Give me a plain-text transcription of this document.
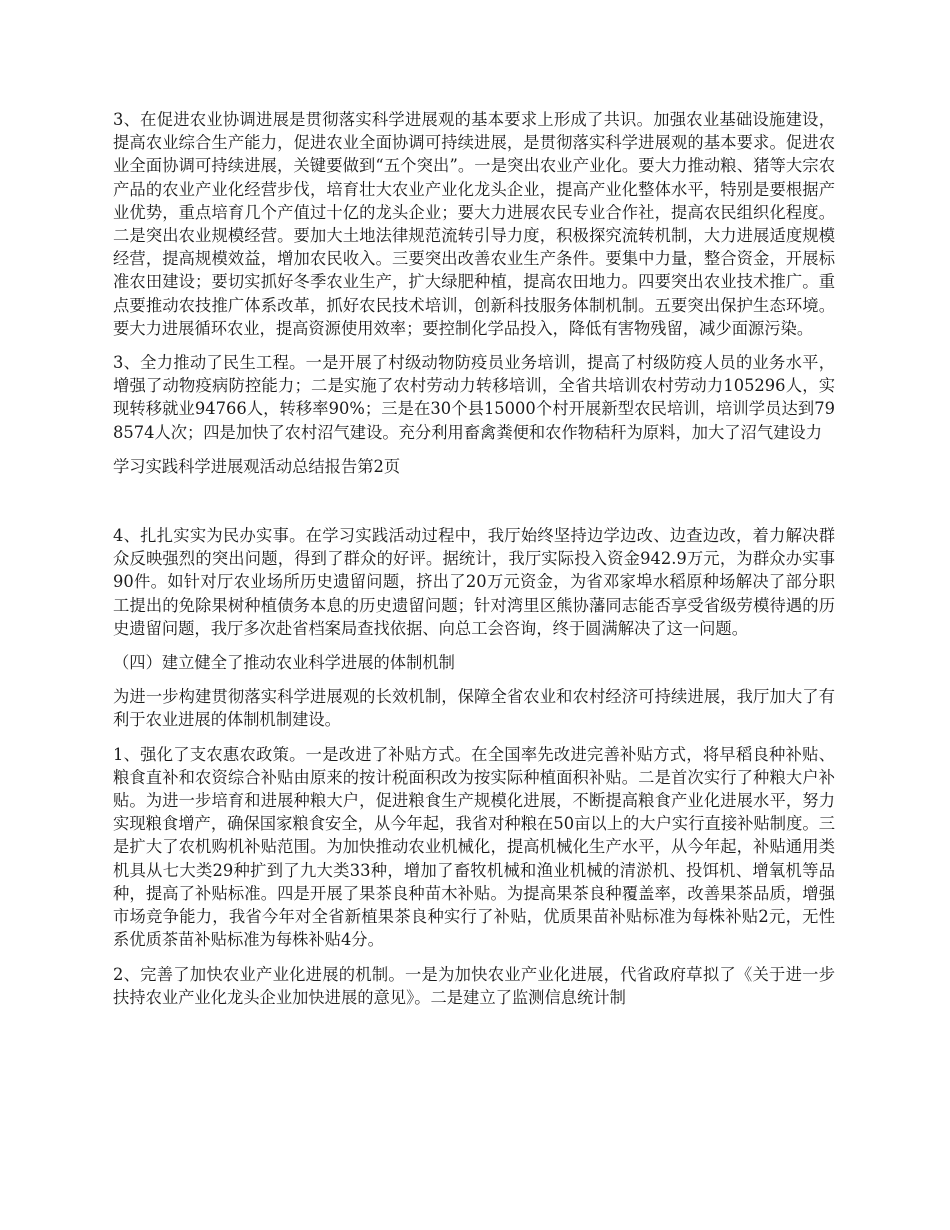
3、在促进农业协调进展是贯彻落实科学进展观的基本要求上形成了共识。加强农业基础设施建设，提高农业综合生产能力，促进农业全面协调可持续进展，是贯彻落实科学进展观的基本要求。促进农业全面协调可持续进展，关键要做到“五个突出”。一是突出农业产业化。要大力推动粮、猪等大宗农产品的农业产业化经营步伐，培育壮大农业产业化龙头企业，提高产业化整体水平，特别是要根据产业优势，重点培育几个产值过十亿的龙头企业；要大力进展农民专业合作社，提高农民组织化程度。二是突出农业规模经营。要加大土地法律规范流转引导力度，积极探究流转机制，大力进展适度规模经营，提高规模效益，增加农民收入。三要突出改善农业生产条件。要集中力量，整合资金，开展标准农田建设；要切实抓好冬季农业生产，扩大绿肥种植，提高农田地力。四要突出农业技术推广。重点要推动农技推广体系改革，抓好农民技术培训，创新科技服务体制机制。五要突出保护生态环境。要大力进展循环农业，提高资源使用效率；要控制化学品投入，降低有害物残留，减少面源污染。

3、全力推动了民生工程。一是开展了村级动物防疫员业务培训，提高了村级防疫人员的业务水平，增强了动物疫病防控能力；二是实施了农村劳动力转移培训，全省共培训农村劳动力105296人，实现转移就业94766人，转移率90%；三是在30个县15000个村开展新型农民培训，培训学员达到798574人次；四是加快了农村沼气建设。充分利用畜禽粪便和农作物秸秆为原料，加大了沼气建设力

学习实践科学进展观活动总结报告第2页

4、扎扎实实为民办实事。在学习实践活动过程中，我厅始终坚持边学边改、边查边改，着力解决群众反映强烈的突出问题，得到了群众的好评。据统计，我厅实际投入资金942.9万元，为群众办实事90件。如针对厅农业场所历史遗留问题，挤出了20万元资金，为省邓家埠水稻原种场解决了部分职工提出的免除果树种植债务本息的历史遗留问题；针对湾里区熊协藩同志能否享受省级劳模待遇的历史遗留问题，我厅多次赴省档案局查找依据、向总工会咨询，终于圆满解决了这一问题。

（四）建立健全了推动农业科学进展的体制机制

为进一步构建贯彻落实科学进展观的长效机制，保障全省农业和农村经济可持续进展，我厅加大了有利于农业进展的体制机制建设。

1、强化了支农惠农政策。一是改进了补贴方式。在全国率先改进完善补贴方式，将早稻良种补贴、粮食直补和农资综合补贴由原来的按计税面积改为按实际种植面积补贴。二是首次实行了种粮大户补贴。为进一步培育和进展种粮大户，促进粮食生产规模化进展，不断提高粮食产业化进展水平，努力实现粮食增产，确保国家粮食安全，从今年起，我省对种粮在50亩以上的大户实行直接补贴制度。三是扩大了农机购机补贴范围。为加快推动农业机械化，提高机械化生产水平，从今年起，补贴通用类机具从七大类29种扩到了九大类33种，增加了畜牧机械和渔业机械的清淤机、投饵机、增氧机等品种，提高了补贴标准。四是开展了果茶良种苗木补贴。为提高果茶良种覆盖率，改善果茶品质，增强市场竞争能力，我省今年对全省新植果茶良种实行了补贴，优质果苗补贴标准为每株补贴2元，无性系优质茶苗补贴标准为每株补贴4分。

2、完善了加快农业产业化进展的机制。一是为加快农业产业化进展，代省政府草拟了《关于进一步扶持农业产业化龙头企业加快进展的意见》。二是建立了监测信息统计制
